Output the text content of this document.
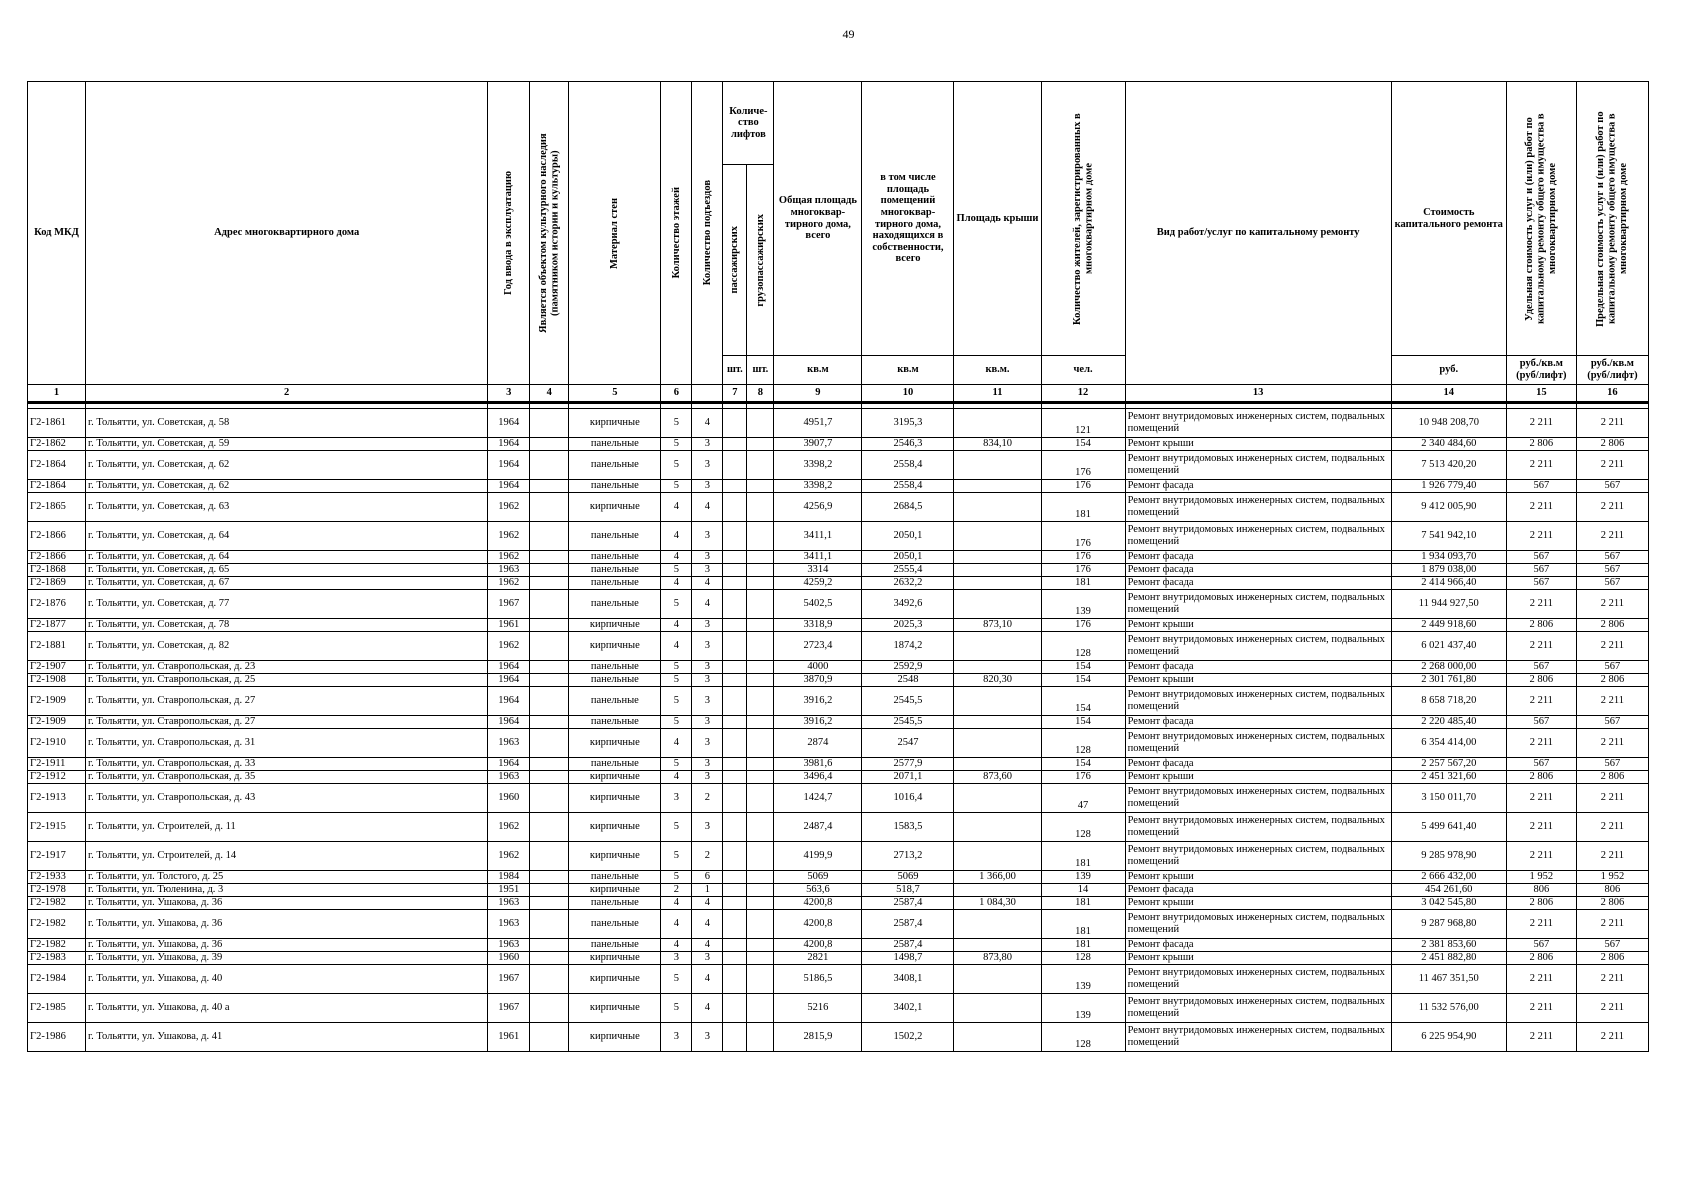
49
Код МКД	Адрес многоквартирного дома	Год ввода в эксплуатацию	Является объектом культурного наследия (памятником истории и культуры)	Материал стен	Количество этажей	Количество подъездов	Количе-ство лифтов		Общая площадь многоквар-тирного дома, всего	в том числе площадь помещений многоквар-тирного дома, находящихся в собственности, всего	Площадь крыши	Количество жителей, зарегистрированных в многоквартирном доме	Вид работ/услуг по капитальному ремонту	Стоимость капитального ремонта	Удельная стоимость услуг и (или) работ по капитальному ремонту общего имущества в многоквартирном доме	Предельная стоимость услуг и (или) работ по капитальному ремонту общего имущества в многоквартирном доме

							пассажирских	грузопассажирских								

							шт.	шт.	кв.м	кв.м	кв.м.	чел.		руб.	руб./кв.м (руб/лифт)	руб./кв.м (руб/лифт)
1	2	3	4	5	6		7	8	9	10	11	12	13	14	15	16

Г2-1861	г. Тольятти, ул. Советская, д. 58	1964		кирпичные	5	4			4951,7	3195,3		121	Ремонт внутридомовых инженерных систем, подвальных помещений	10 948 208,70	2 211	2 211
Г2-1862	г. Тольятти, ул. Советская, д. 59	1964		панельные	5	3			3907,7	2546,3	834,10	154	Ремонт крыши	2 340 484,60	2 806	2 806
Г2-1864	г. Тольятти, ул. Советская, д. 62	1964		панельные	5	3			3398,2	2558,4		176	Ремонт внутридомовых инженерных систем, подвальных помещений	7 513 420,20	2 211	2 211
Г2-1864	г. Тольятти, ул. Советская, д. 62	1964		панельные	5	3			3398,2	2558,4		176	Ремонт фасада	1 926 779,40	567	567
Г2-1865	г. Тольятти, ул. Советская, д. 63	1962		кирпичные	4	4			4256,9	2684,5		181	Ремонт внутридомовых инженерных систем, подвальных помещений	9 412 005,90	2 211	2 211
Г2-1866	г. Тольятти, ул. Советская, д. 64	1962		панельные	4	3			3411,1	2050,1		176	Ремонт внутридомовых инженерных систем, подвальных помещений	7 541 942,10	2 211	2 211
Г2-1866	г. Тольятти, ул. Советская, д. 64	1962		панельные	4	3			3411,1	2050,1		176	Ремонт фасада	1 934 093,70	567	567
Г2-1868	г. Тольятти, ул. Советская, д. 65	1963		панельные	5	3			3314	2555,4		176	Ремонт фасада	1 879 038,00	567	567
Г2-1869	г. Тольятти, ул. Советская, д. 67	1962		панельные	4	4			4259,2	2632,2		181	Ремонт фасада	2 414 966,40	567	567
Г2-1876	г. Тольятти, ул. Советская, д. 77	1967		панельные	5	4			5402,5	3492,6		139	Ремонт внутридомовых инженерных систем, подвальных помещений	11 944 927,50	2 211	2 211
Г2-1877	г. Тольятти, ул. Советская, д. 78	1961		кирпичные	4	3			3318,9	2025,3	873,10	176	Ремонт крыши	2 449 918,60	2 806	2 806
Г2-1881	г. Тольятти, ул. Советская, д. 82	1962		кирпичные	4	3			2723,4	1874,2		128	Ремонт внутридомовых инженерных систем, подвальных помещений	6 021 437,40	2 211	2 211
Г2-1907	г. Тольятти, ул. Ставропольская, д. 23	1964		панельные	5	3			4000	2592,9		154	Ремонт фасада	2 268 000,00	567	567
Г2-1908	г. Тольятти, ул. Ставропольская, д. 25	1964		панельные	5	3			3870,9	2548	820,30	154	Ремонт крыши	2 301 761,80	2 806	2 806
Г2-1909	г. Тольятти, ул. Ставропольская, д. 27	1964		панельные	5	3			3916,2	2545,5		154	Ремонт внутридомовых инженерных систем, подвальных помещений	8 658 718,20	2 211	2 211
Г2-1909	г. Тольятти, ул. Ставропольская, д. 27	1964		панельные	5	3			3916,2	2545,5		154	Ремонт фасада	2 220 485,40	567	567
Г2-1910	г. Тольятти, ул. Ставропольская, д. 31	1963		кирпичные	4	3			2874	2547		128	Ремонт внутридомовых инженерных систем, подвальных помещений	6 354 414,00	2 211	2 211
Г2-1911	г. Тольятти, ул. Ставропольская, д. 33	1964		панельные	5	3			3981,6	2577,9		154	Ремонт фасада	2 257 567,20	567	567
Г2-1912	г. Тольятти, ул. Ставропольская, д. 35	1963		кирпичные	4	3			3496,4	2071,1	873,60	176	Ремонт крыши	2 451 321,60	2 806	2 806
Г2-1913	г. Тольятти, ул. Ставропольская, д. 43	1960		кирпичные	3	2			1424,7	1016,4		47	Ремонт внутридомовых инженерных систем, подвальных помещений	3 150 011,70	2 211	2 211
Г2-1915	г. Тольятти, ул. Строителей, д. 11	1962		кирпичные	5	3			2487,4	1583,5		128	Ремонт внутридомовых инженерных систем, подвальных помещений	5 499 641,40	2 211	2 211
Г2-1917	г. Тольятти, ул. Строителей, д. 14	1962		кирпичные	5	2			4199,9	2713,2		181	Ремонт внутридомовых инженерных систем, подвальных помещений	9 285 978,90	2 211	2 211
Г2-1933	г. Тольятти, ул. Толстого, д. 25	1984		панельные	5	6			5069	5069	1 366,00	139	Ремонт крыши	2 666 432,00	1 952	1 952
Г2-1978	г. Тольятти, ул. Тюленина, д. 3	1951		кирпичные	2	1			563,6	518,7		14	Ремонт фасада	454 261,60	806	806
Г2-1982	г. Тольятти, ул. Ушакова, д. 36	1963		панельные	4	4			4200,8	2587,4	1 084,30	181	Ремонт крыши	3 042 545,80	2 806	2 806
Г2-1982	г. Тольятти, ул. Ушакова, д. 36	1963		панельные	4	4			4200,8	2587,4		181	Ремонт внутридомовых инженерных систем, подвальных помещений	9 287 968,80	2 211	2 211
Г2-1982	г. Тольятти, ул. Ушакова, д. 36	1963		панельные	4	4			4200,8	2587,4		181	Ремонт фасада	2 381 853,60	567	567
Г2-1983	г. Тольятти, ул. Ушакова, д. 39	1960		кирпичные	3	3			2821	1498,7	873,80	128	Ремонт крыши	2 451 882,80	2 806	2 806
Г2-1984	г. Тольятти, ул. Ушакова, д. 40	1967		кирпичные	5	4			5186,5	3408,1		139	Ремонт внутридомовых инженерных систем, подвальных помещений	11 467 351,50	2 211	2 211
Г2-1985	г. Тольятти, ул. Ушакова, д. 40 а	1967		кирпичные	5	4			5216	3402,1		139	Ремонт внутридомовых инженерных систем, подвальных помещений	11 532 576,00	2 211	2 211
Г2-1986	г. Тольятти, ул. Ушакова, д. 41	1961		кирпичные	3	3			2815,9	1502,2		128	Ремонт внутридомовых инженерных систем, подвальных помещений	6 225 954,90	2 211	2 211
